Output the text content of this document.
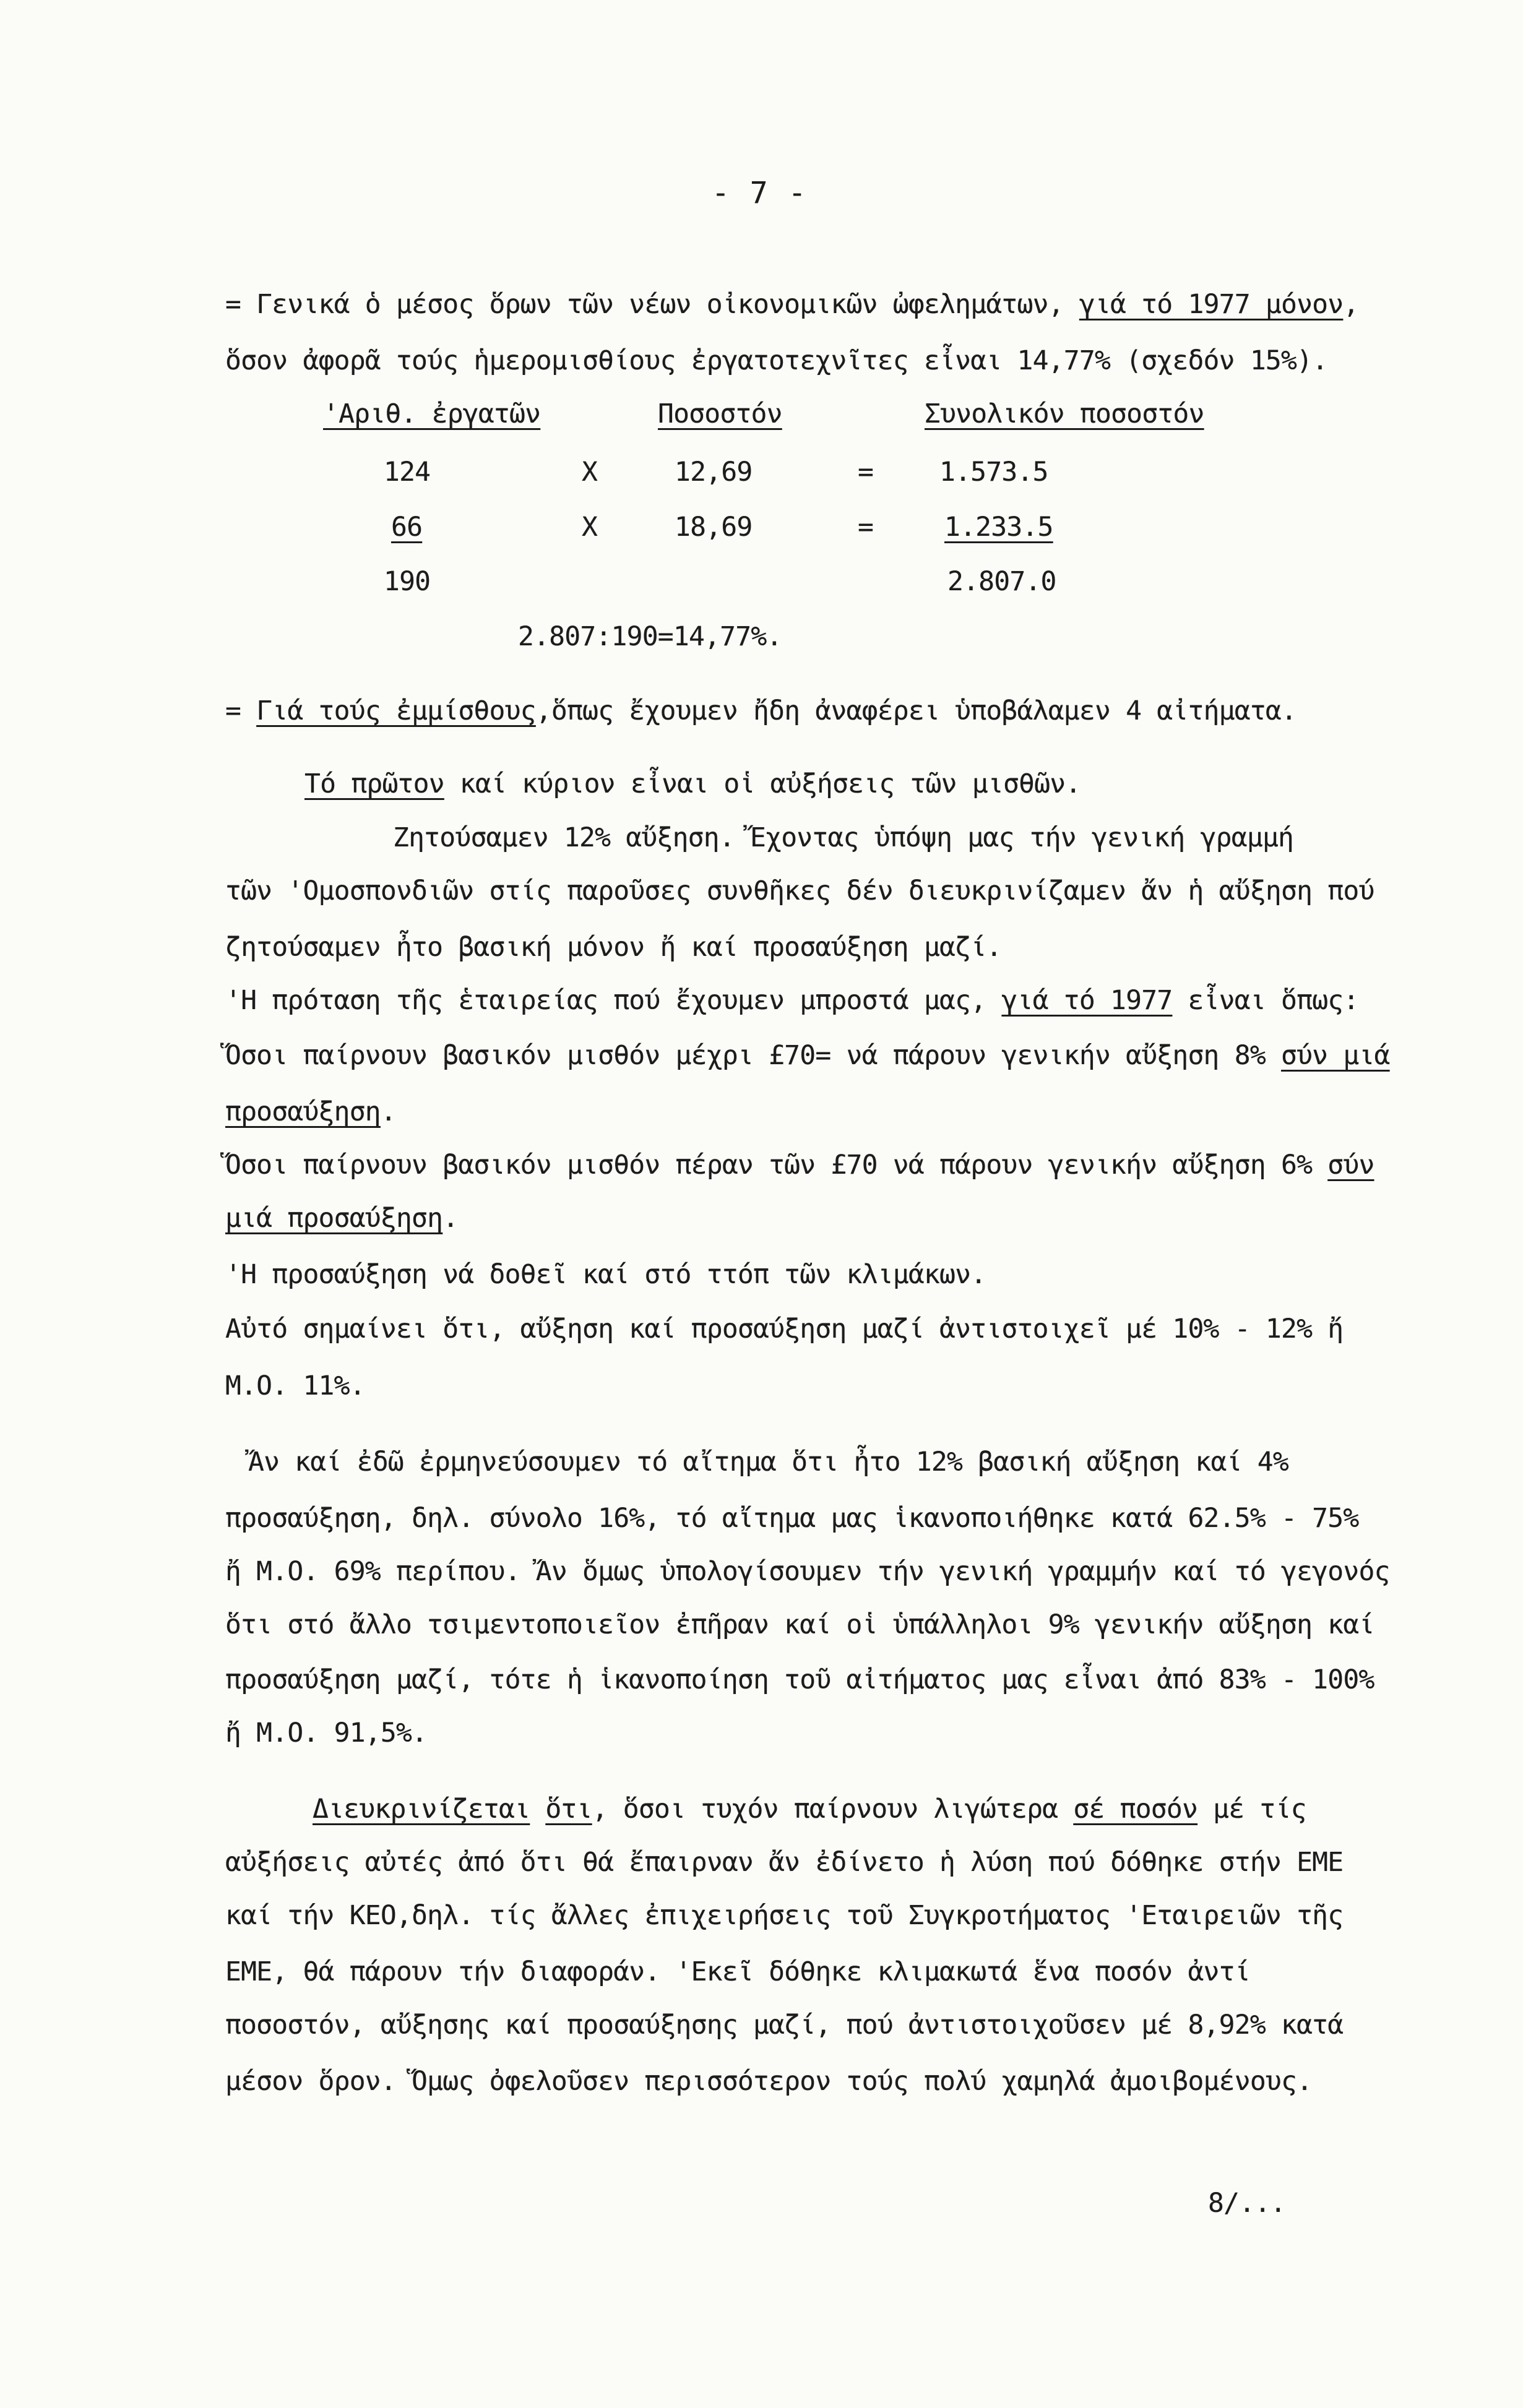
- 7 -
= Γενικά ὁ μέσος ὅρων τῶν νέων οἰκονομικῶν ὠφελημάτων, γιά τό 1977 μόνον,
ὅσον ἀφορᾶ τούς ἡμερομισθίους ἐργατοτεχνῖτες εἶναι 14,77% (σχεδόν 15%).
'Αριθ. ἐργατῶν	Ποσοστόν	Συνολικόν ποσοστόν
124	X	12,69	= 1.573.5
66	X	18,69	=	1.233.5
190	2.807.0
2.807:190=14,77%.
= Γιά τούς ἐμμίσθους,ὅπως ἔχουμεν ἤδη ἀναφέρει ὑποβάλαμεν 4 αἰτήματα.
Τό πρῶτον καί κύριον εἶναι οἱ αὐξήσεις τῶν μισθῶν.
Ζητούσαμεν 12% αὔξηση. Ἔχοντας ὑπόψη μας τήν γενική γραμμή
τῶν 'Ομοσπονδιῶν στίς παροῦσες συνθῆκες δέν διευκρινίζαμεν ἄν ἡ αὔξηση πού
ζητούσαμεν ἦτο βασική μόνον ἤ καί προσαύξηση μαζί.
'Η πρόταση τῆς ἑταιρείας πού ἔχουμεν μπροστά μας, γιά τό 1977 εἶναι ὅπως:
Ὅσοι παίρνουν βασικόν μισθόν μέχρι £70= νά πάρουν γενικήν αὔξηση 8% σύν μιά
προσαύξηση.
Ὅσοι παίρνουν βασικόν μισθόν πέραν τῶν £70 νά πάρουν γενικήν αὔξηση 6% σύν
μιά προσαύξηση.
'Η προσαύξηση νά δοθεῖ καί στό ττόπ τῶν κλιμάκων.
Αὐτό σημαίνει ὅτι, αὔξηση καί προσαύξηση μαζί ἀντιστοιχεῖ μέ 10% - 12% ἤ
Μ.Ο. 11%.
Ἄν καί ἐδῶ ἐρμηνεύσουμεν τό αἴτημα ὅτι ἦτο 12% βασική αὔξηση καί 4%
προσαύξηση, δηλ. σύνολο 16%, τό αἴτημα μας ἱκανοποιήθηκε κατά 62.5% - 75%
ἤ Μ.Ο. 69% περίπου. Ἄν ὅμως ὑπολογίσουμεν τήν γενική γραμμήν καί τό γεγονός
ὅτι στό ἄλλο τσιμεντοποιεῖον ἐπῆραν καί οἱ ὑπάλληλοι 9% γενικήν αὔξηση καί
προσαύξηση μαζί, τότε ἡ ἱκανοποίηση τοῦ αἰτήματος μας εἶναι ἀπό 83% - 100%
ἤ Μ.Ο. 91,5%.
Διευκρινίζεται ὅτι, ὅσοι τυχόν παίρνουν λιγώτερα σέ ποσόν μέ τίς
αὐξήσεις αὐτές ἀπό ὅτι θά ἔπαιρναν ἄν ἐδίνετο ἡ λύση πού δόθηκε στήν ΕΜΕ
καί τήν ΚΕΟ,δηλ. τίς ἄλλες ἐπιχειρήσεις τοῦ Συγκροτήματος 'Εταιρειῶν τῆς
ΕΜΕ, θά πάρουν τήν διαφοράν. 'Εκεῖ δόθηκε κλιμακωτά ἕνα ποσόν ἀντί
ποσοστόν, αὔξησης καί προσαύξησης μαζί, πού ἀντιστοιχοῦσεν μέ 8,92% κατά
μέσον ὅρον. Ὅμως ὀφελοῦσεν περισσότερον τούς πολύ χαμηλά ἀμοιβομένους.
8/...
